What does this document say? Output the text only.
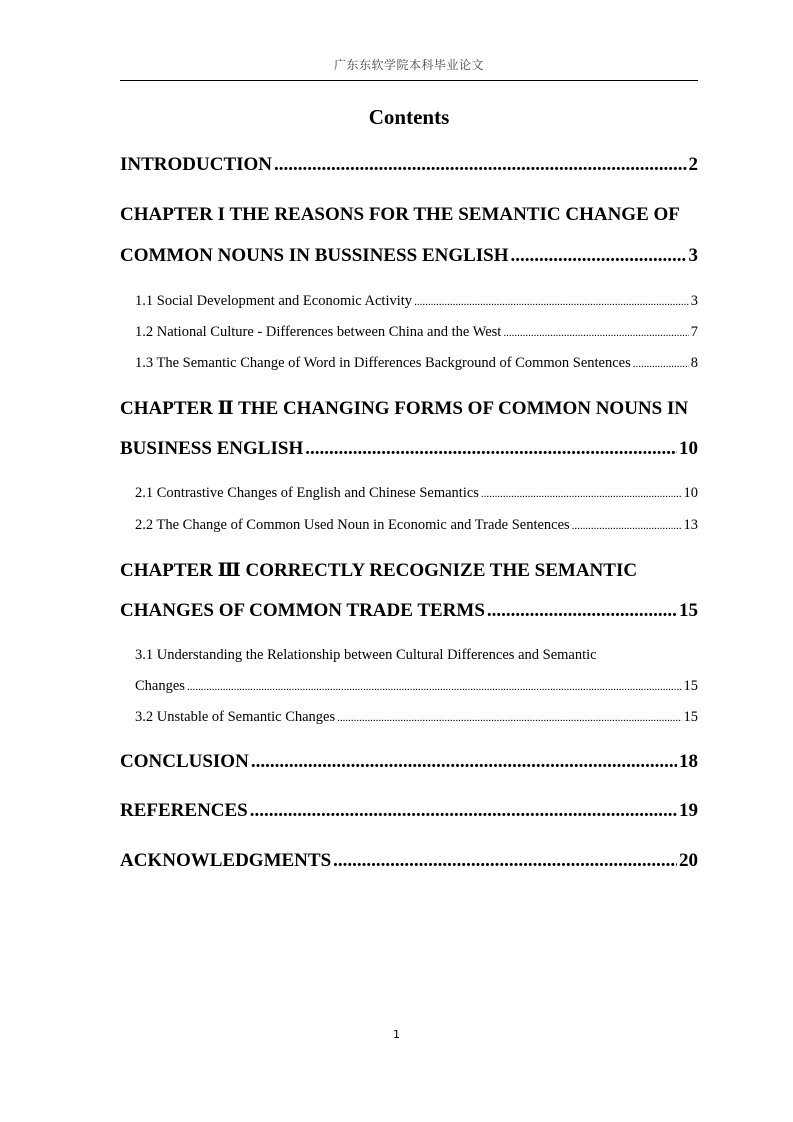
广东东软学院本科毕业论文
Contents
INTRODUCTION .....	2
CHAPTER I THE REASONS FOR THE SEMANTIC CHANGE OF
COMMON NOUNS IN BUSSINESS ENGLISH .....	3
1.1 Social Development and Economic Activity .....	3
1.2 National Culture - Differences between China and the West .....	7
1.3 The Semantic Change of Word in Differences Background of Common Sentences .....	8
CHAPTER Ⅱ THE CHANGING FORMS OF COMMON NOUNS IN
BUSINESS ENGLISH .....	10
2.1 Contrastive Changes of English and Chinese Semantics .....	10
2.2 The Change of Common Used Noun in Economic and Trade Sentences .....	13
CHAPTER Ⅲ CORRECTLY RECOGNIZE THE SEMANTIC
CHANGES OF COMMON TRADE TERMS .....	15
3.1 Understanding the Relationship between Cultural Differences and Semantic
Changes .....	15
3.2 Unstable of Semantic Changes .....	15
CONCLUSION .....	18
REFERENCES .....	19
ACKNOWLEDGMENTS .....	20
1
